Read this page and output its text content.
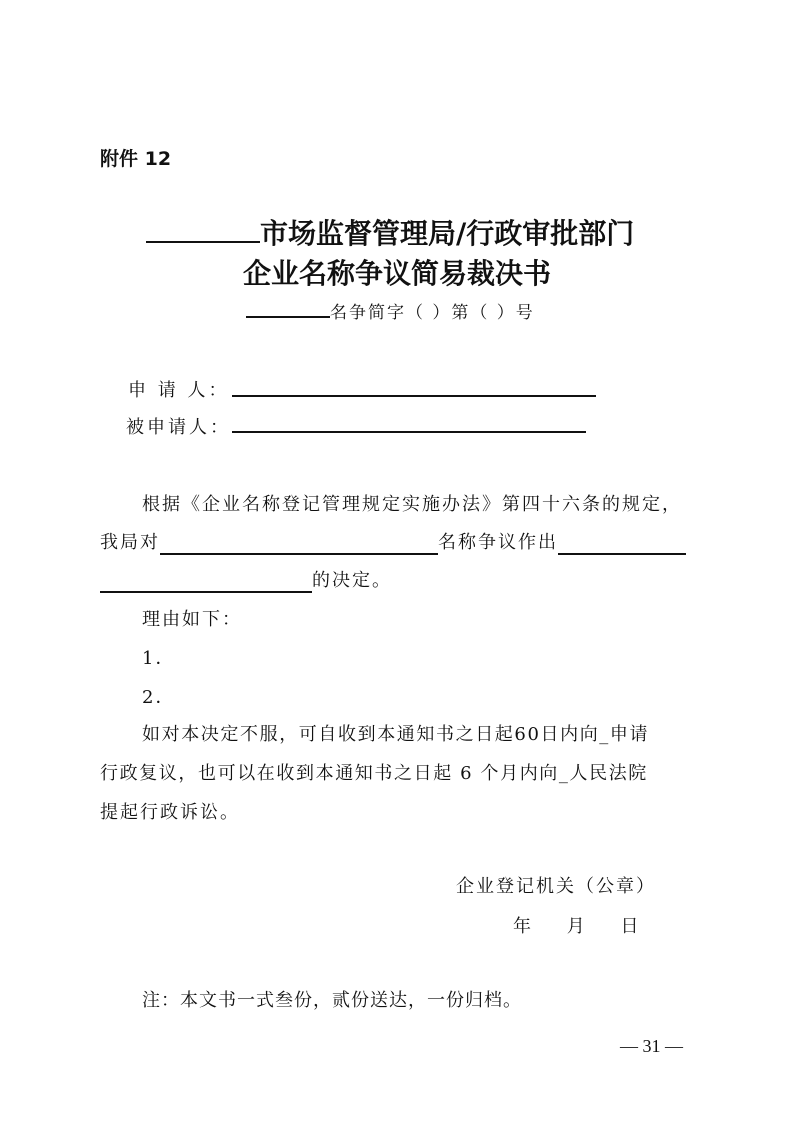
附件 12
市场监督管理局/行政审批部门
企业名称争议简易裁决书
名争简字（ ）第（ ）号
申 请 人：
被申请人：
根据《企业名称登记管理规定实施办法》第四十六条的规定，
我局对	名称争议作出
的决定。
理由如下：
1．
2．
如对本决定不服，可自收到本通知书之日起60日内向_申请
行政复议，也可以在收到本通知书之日起 6 个月内向_人民法院
提起行政诉讼。
企业登记机关（公章）
年　 月　 日
注：本文书一式叁份，贰份送达，一份归档。
— 31 —
